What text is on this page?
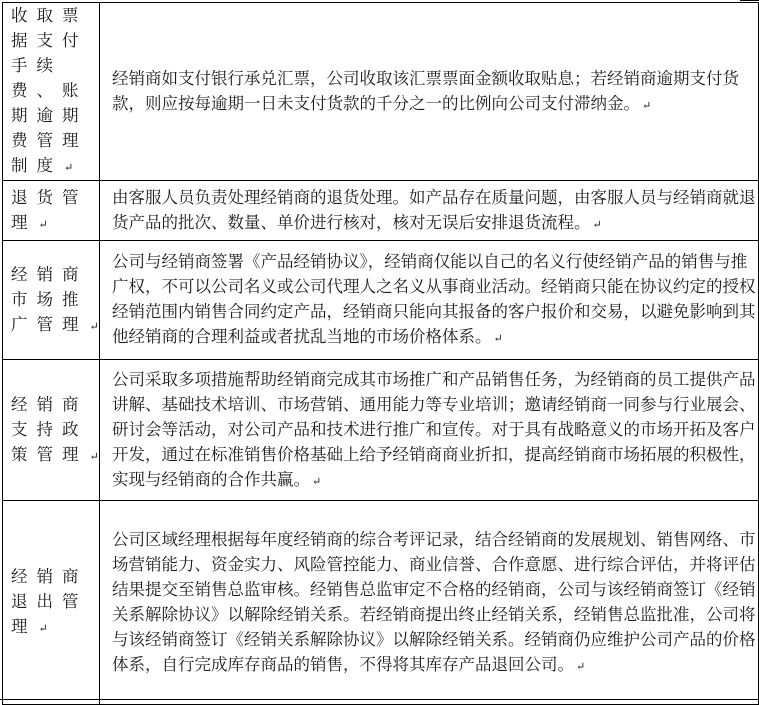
收取票据支付手续费、账期逾期费管理制度 ↵	经销商如支付银行承兑汇票，公司收取该汇票票面金额收取贴息；若经销商逾期支付货款，则应按每逾期一日未支付货款的千分之一的比例向公司支付滞纳金。 ↵
退货管理 ↵	由客服人员负责处理经销商的退货处理。如产品存在质量问题，由客服人员与经销商就退货产品的批次、数量、单价进行核对，核对无误后安排退货流程。 ↵
经销商市场推广管理 ↵	公司与经销商签署《产品经销协议》，经销商仅能以自己的名义行使经销产品的销售与推广权，不可以公司名义或公司代理人之名义从事商业活动。经销商只能在协议约定的授权经销范围内销售合同约定产品，经销商只能向其报备的客户报价和交易，以避免影响到其他经销商的合理利益或者扰乱当地的市场价格体系。 ↵
经销商支持政策管理 ↵	公司采取多项措施帮助经销商完成其市场推广和产品销售任务，为经销商的员工提供产品讲解、基础技术培训、市场营销、通用能力等专业培训；邀请经销商一同参与行业展会、研讨会等活动，对公司产品和技术进行推广和宣传。对于具有战略意义的市场开拓及客户开发，通过在标准销售价格基础上给予经销商商业折扣，提高经销商市场拓展的积极性，实现与经销商的合作共赢。 ↵
经销商退出管理 ↵	公司区域经理根据每年度经销商的综合考评记录，结合经销商的发展规划、销售网络、市场营销能力、资金实力、风险管控能力、商业信誉、合作意愿、进行综合评估，并将评估结果提交至销售总监审核。经销售总监审定不合格的经销商，公司与该经销商签订《经销关系解除协议》以解除经销关系。若经销商提出终止经销关系，经销售总监批准，公司将与该经销商签订《经销关系解除协议》以解除经销关系。经销商仍应维护公司产品的价格体系，自行完成库存商品的销售，不得将其库存产品退回公司。 ↵
